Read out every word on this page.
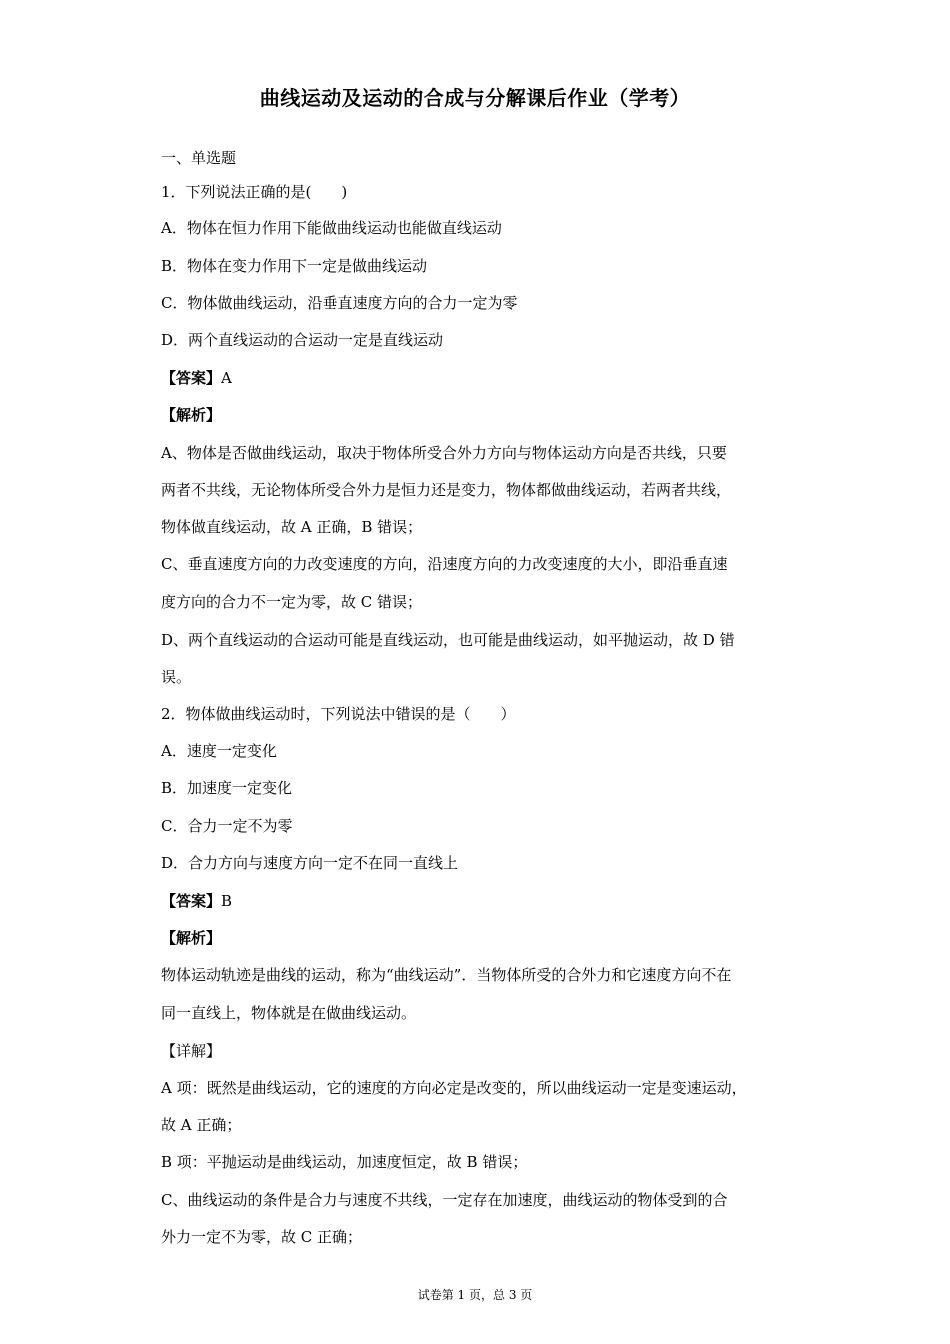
曲线运动及运动的合成与分解课后作业（学考）
一、单选题
1．下列说法正确的是(　　)
A．物体在恒力作用下能做曲线运动也能做直线运动
B．物体在变力作用下一定是做曲线运动
C．物体做曲线运动，沿垂直速度方向的合力一定为零
D．两个直线运动的合运动一定是直线运动
【答案】A
【解析】
A、物体是否做曲线运动，取决于物体所受合外力方向与物体运动方向是否共线，只要
两者不共线，无论物体所受合外力是恒力还是变力，物体都做曲线运动，若两者共线，
物体做直线运动，故 A 正确，B 错误；
C、垂直速度方向的力改变速度的方向，沿速度方向的力改变速度的大小，即沿垂直速
度方向的合力不一定为零，故 C 错误；
D、两个直线运动的合运动可能是直线运动，也可能是曲线运动，如平抛运动，故 D 错
误。
2．物体做曲线运动时，下列说法中错误的是（　　）
A．速度一定变化
B．加速度一定变化
C．合力一定不为零
D．合力方向与速度方向一定不在同一直线上
【答案】B
【解析】
物体运动轨迹是曲线的运动，称为“曲线运动”．当物体所受的合外力和它速度方向不在
同一直线上，物体就是在做曲线运动。
【详解】
A 项：既然是曲线运动，它的速度的方向必定是改变的，所以曲线运动一定是变速运动，
故 A 正确；
B 项：平抛运动是曲线运动，加速度恒定，故 B 错误；
C、曲线运动的条件是合力与速度不共线，一定存在加速度，曲线运动的物体受到的合
外力一定不为零，故 C 正确；
试卷第 1 页，总 3 页
